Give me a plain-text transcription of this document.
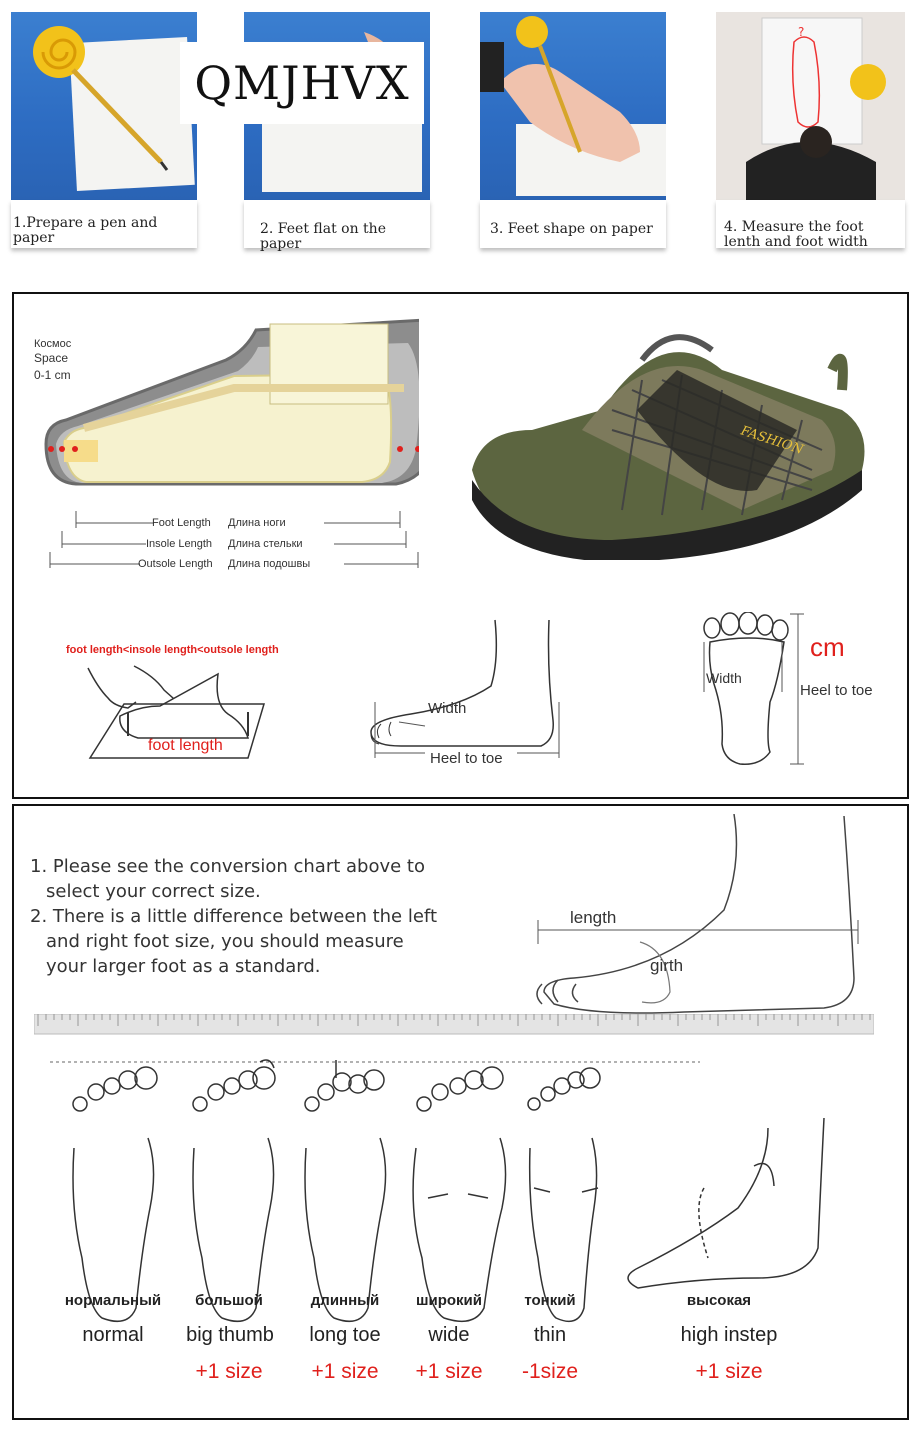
1.Prepare a pen and paper
2. Feet flat on the paper
3. Feet shape on paper
?
4. Measure the foot lenth and foot width
QMJHVX
Космос
Space
0-1 cm
Foot Length Длина ноги
Insole Length Длина стельки
Outsole Length Длина подошвы
FASHION
foot length<insole length<outsole length
foot length
Width
Heel to toe
Width
cm
Heel to toe
1. Please see the conversion chart above to
select your correct size.
2. There is a little difference between the left
and right foot size, you should measure
your larger foot as a standard.
length
girth
нормальный
normal
большой
big thumb
+1 size
длинный
long toe
+1 size
широкий
wide
+1 size
тонкий
thin
-1size
высокая
high instep
+1 size
